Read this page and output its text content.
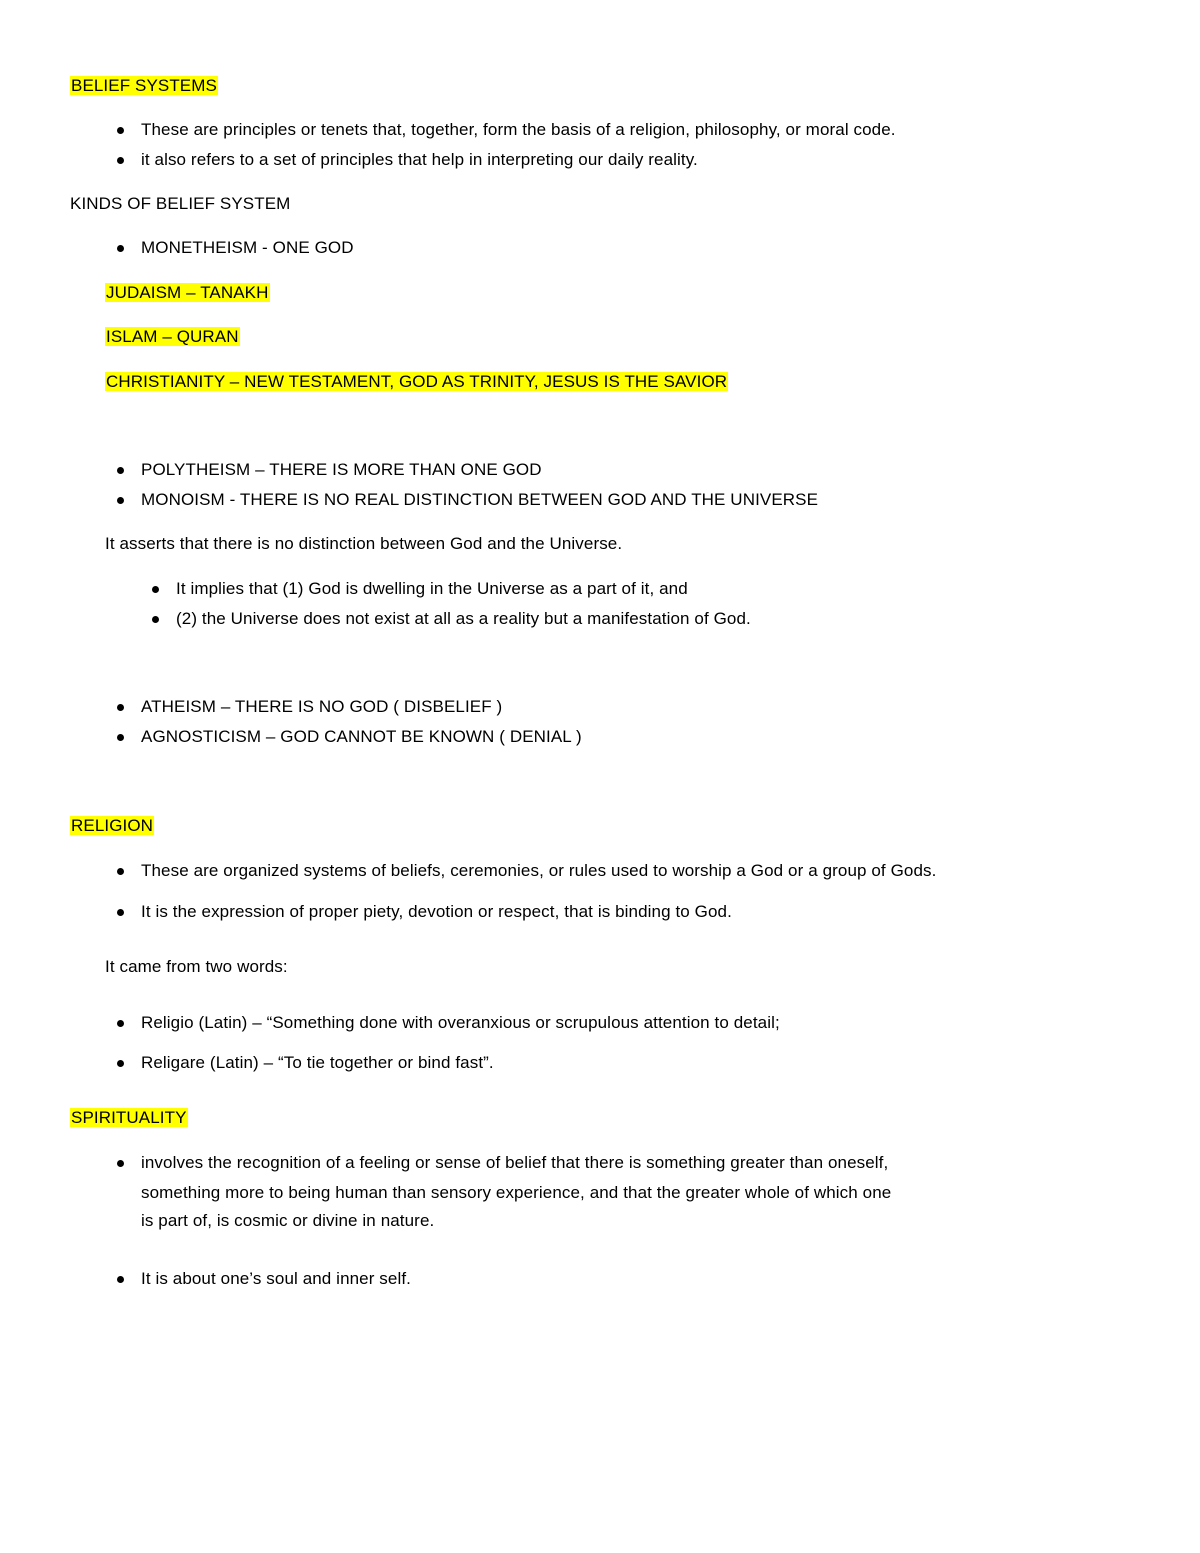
BELIEF SYSTEMS
These are principles or tenets that, together, form the basis of a religion, philosophy, or moral code.
it also refers to a set of principles that help in interpreting our daily reality.
KINDS OF BELIEF SYSTEM
MONETHEISM - ONE GOD
JUDAISM – TANAKH
ISLAM – QURAN
CHRISTIANITY – NEW TESTAMENT, GOD AS TRINITY, JESUS IS THE SAVIOR
POLYTHEISM – THERE IS MORE THAN ONE GOD
MONOISM - THERE IS NO REAL DISTINCTION BETWEEN GOD AND THE UNIVERSE
It asserts that there is no distinction between God and the Universe.
It implies that (1) God is dwelling in the Universe as a part of it, and
(2) the Universe does not exist at all as a reality but a manifestation of God.
ATHEISM – THERE IS NO GOD ( DISBELIEF )
AGNOSTICISM – GOD CANNOT BE KNOWN ( DENIAL )
RELIGION
These are organized systems of beliefs, ceremonies, or rules used to worship a God or a group of Gods.
It is the expression of proper piety, devotion or respect, that is binding to God.
It came from two words:
Religio (Latin) – “Something done with overanxious or scrupulous attention to detail;
Religare (Latin) – “To tie together or bind fast”.
SPIRITUALITY
involves the recognition of a feeling or sense of belief that there is something greater than oneself,
something more to being human than sensory experience, and that the greater whole of which one
is part of, is cosmic or divine in nature.
It is about one’s soul and inner self.
